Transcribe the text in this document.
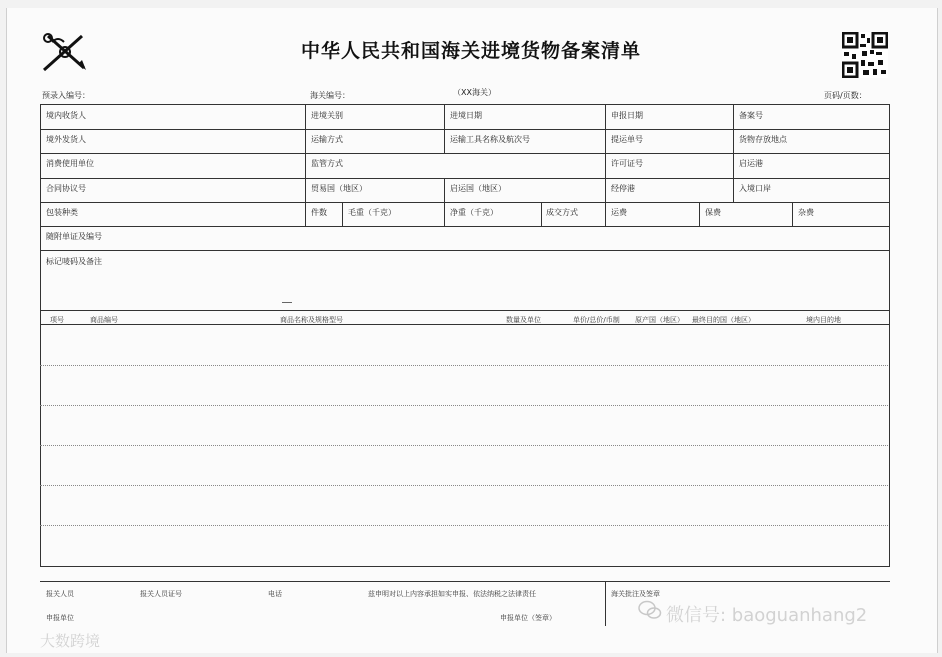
中华人民共和国海关进境货物备案清单
预录入编号：	海关编号：	（XX海关）	页码/页数：
境内收货人	进境关别	进境日期	申报日期	备案号
境外发货人	运输方式	运输工具名称及航次号	提运单号	货物存放地点
消费使用单位	监管方式	许可证号	启运港
合同协议号	贸易国（地区）	启运国（地区）	经停港	入境口岸
包装种类	件数	毛重（千克）	净重（千克）	成交方式	运费	保费	杂费
随附单证及编号
标记唛码及备注
项号	商品编号	商品名称及规格型号	数量及单位	单价/总价/币制 原产国（地区） 最终目的国（地区）	境内目的地
报关人员	报关人员证号	电话	兹申明对以上内容承担如实申报、依法纳税之法律责任	海关批注及签章
申报单位	申报单位（签章）	微信号: baoguanhang2
大数跨境
